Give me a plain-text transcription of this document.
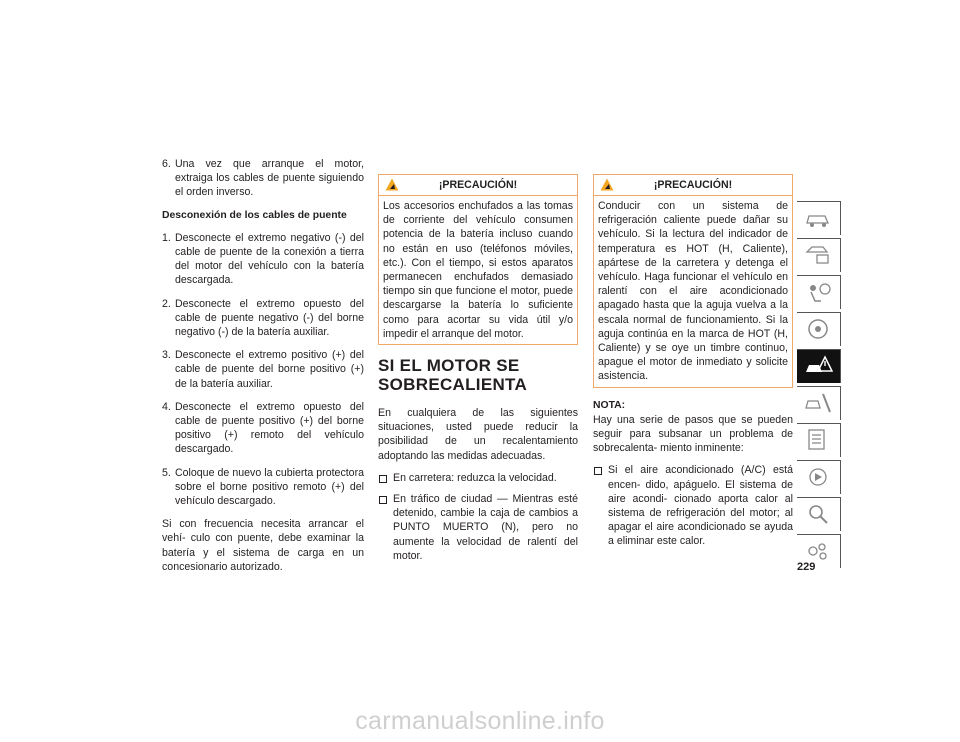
6. Una vez que arranque el motor, extraiga los cables de puente siguiendo el orden inverso.
Desconexión de los cables de puente
1. Desconecte el extremo negativo (-) del cable de puente de la conexión a tierra del motor del vehículo con la batería descargada.
2. Desconecte el extremo opuesto del cable de puente negativo (-) del borne negativo (-) de la batería auxiliar.
3. Desconecte el extremo positivo (+) del cable de puente del borne positivo (+) de la batería auxiliar.
4. Desconecte el extremo opuesto del cable de puente positivo (+) del borne positivo (+) remoto del vehículo descargado.
5. Coloque de nuevo la cubierta protectora sobre el borne positivo remoto (+) del vehículo descargado.
Si con frecuencia necesita arrancar el vehí- culo con puente, debe examinar la batería y el sistema de carga en un concesionario autorizado.
¡PRECAUCIÓN!
Los accesorios enchufados a las tomas de corriente del vehículo consumen potencia de la batería incluso cuando no están en uso (teléfonos móviles, etc.). Con el tiempo, si estos aparatos permanecen enchufados demasiado tiempo sin que funcione el motor, puede descargarse la batería lo suficiente como para acortar su vida útil y/o impedir el arranque del motor.
SI EL MOTOR SE
SOBRECALIENTA
En cualquiera de las siguientes situaciones, usted puede reducir la posibilidad de un recalentamiento adoptando las medidas adecuadas.
En carretera: reduzca la velocidad.
En tráfico de ciudad — Mientras esté detenido, cambie la caja de cambios a PUNTO MUERTO (N), pero no aumente la velocidad de ralentí del motor.
¡PRECAUCIÓN!
Conducir con un sistema de refrigeración caliente puede dañar su vehículo. Si la lectura del indicador de temperatura es HOT (H, Caliente), apártese de la carretera y detenga el vehículo. Haga funcionar el vehículo en ralentí con el aire acondicionado apagado hasta que la aguja vuelva a la escala normal de funcionamiento. Si la aguja continúa en la marca de HOT (H, Caliente) y se oye un timbre continuo, apague el motor de inmediato y solicite asistencia.
NOTA:
Hay una serie de pasos que se pueden seguir para subsanar un problema de sobrecalenta- miento inminente:
Si el aire acondicionado (A/C) está encen- dido, apáguelo. El sistema de aire acondi- cionado aporta calor al sistema de refrigeración del motor; al apagar el aire acondicionado se ayuda a eliminar este calor.
229
carmanualsonline.info
